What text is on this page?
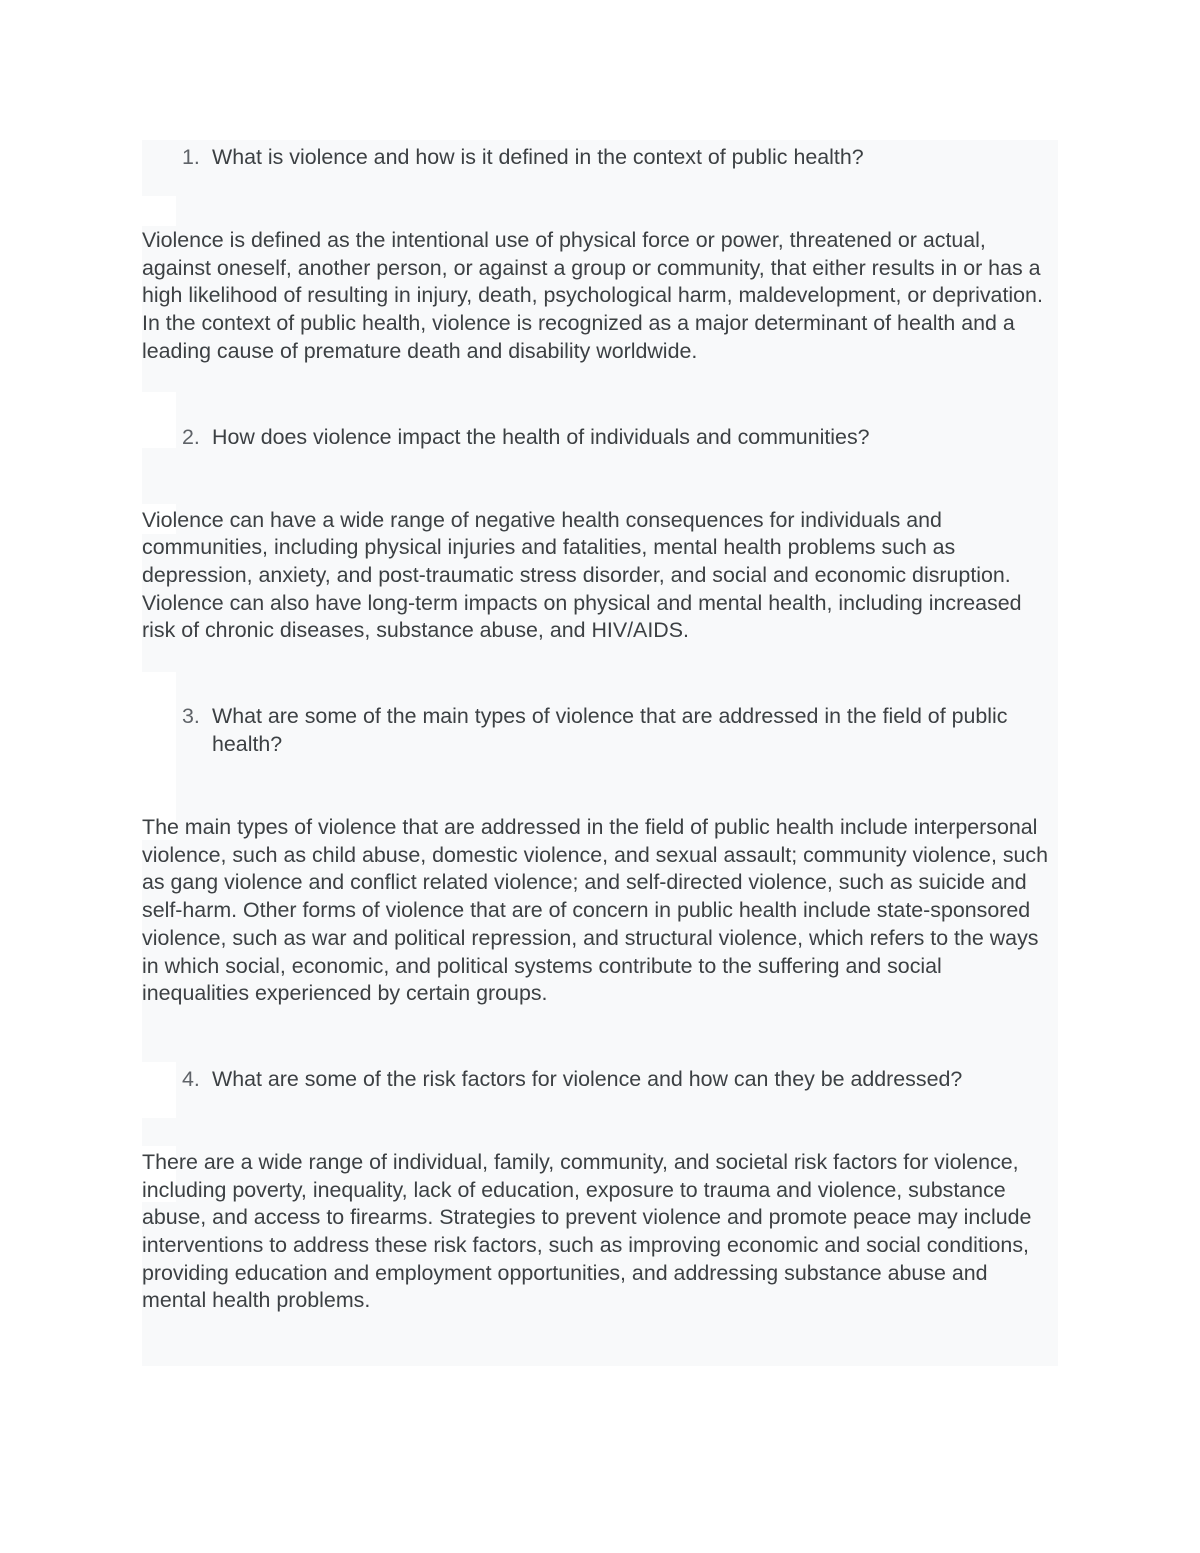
1. What is violence and how is it defined in the context of public health?

Violence is defined as the intentional use of physical force or power, threatened or actual, against oneself, another person, or against a group or community, that either results in or has a high likelihood of resulting in injury, death, psychological harm, maldevelopment, or deprivation. In the context of public health, violence is recognized as a major determinant of health and a leading cause of premature death and disability worldwide.

2. How does violence impact the health of individuals and communities?

Violence can have a wide range of negative health consequences for individuals and communities, including physical injuries and fatalities, mental health problems such as depression, anxiety, and post-traumatic stress disorder, and social and economic disruption. Violence can also have long-term impacts on physical and mental health, including increased risk of chronic diseases, substance abuse, and HIV/AIDS.

3. What are some of the main types of violence that are addressed in the field of public health?

The main types of violence that are addressed in the field of public health include interpersonal violence, such as child abuse, domestic violence, and sexual assault; community violence, such as gang violence and conflict related violence; and self-directed violence, such as suicide and self-harm. Other forms of violence that are of concern in public health include state-sponsored violence, such as war and political repression, and structural violence, which refers to the ways in which social, economic, and political systems contribute to the suffering and social inequalities experienced by certain groups.

4. What are some of the risk factors for violence and how can they be addressed?

There are a wide range of individual, family, community, and societal risk factors for violence, including poverty, inequality, lack of education, exposure to trauma and violence, substance abuse, and access to firearms. Strategies to prevent violence and promote peace may include interventions to address these risk factors, such as improving economic and social conditions, providing education and employment opportunities, and addressing substance abuse and mental health problems.
